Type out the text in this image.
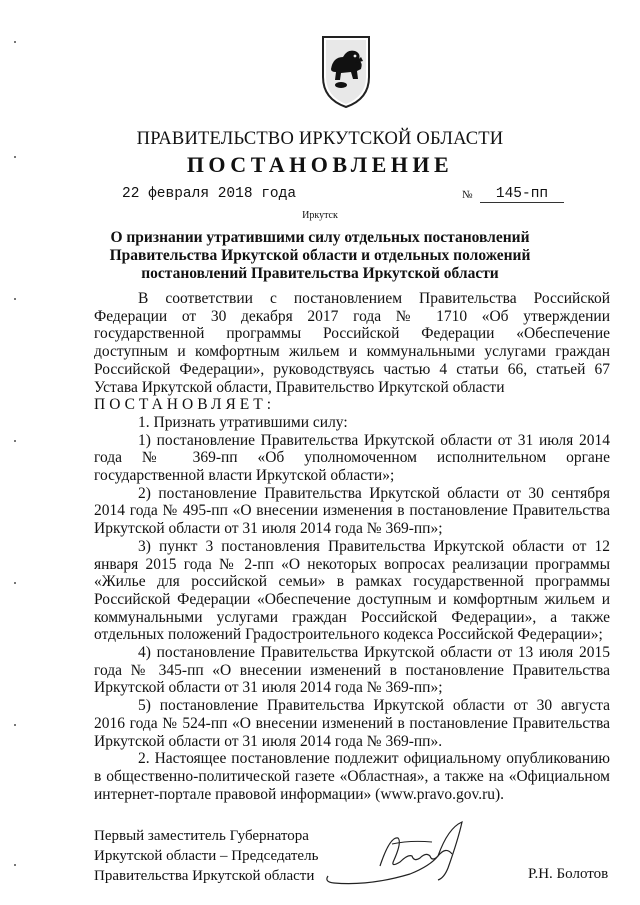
ПРАВИТЕЛЬСТВО ИРКУТСКОЙ ОБЛАСТИ
ПОСТАНОВЛЕНИЕ
22 февраля 2018 года	№	145-пп
Иркутск
О признании утратившими силу отдельных постановлений Правительства Иркутской области и отдельных положений постановлений Правительства Иркутской области

В соответствии с постановлением Правительства Российской Федерации от 30 декабря 2017 года № 1710 «Об утверждении государственной программы Российской Федерации «Обеспечение доступным и комфортным жильем и коммунальными услугами граждан Российской Федерации», руководствуясь частью 4 статьи 66, статьей 67 Устава Иркутской области, Правительство Иркутской области

ПОСТАНОВЛЯЕТ:

1. Признать утратившими силу:

1) постановление Правительства Иркутской области от 31 июля 2014 года № 369-пп «Об уполномоченном исполнительном органе государственной власти Иркутской области»;

2) постановление Правительства Иркутской области от 30 сентября 2014 года № 495-пп «О внесении изменения в постановление Правительства Иркутской области от 31 июля 2014 года № 369-пп»;

3) пункт 3 постановления Правительства Иркутской области от 12 января 2015 года № 2-пп «О некоторых вопросах реализации программы «Жилье для российской семьи» в рамках государственной программы Российской Федерации «Обеспечение доступным и комфортным жильем и коммунальными услугами граждан Российской Федерации», а также отдельных положений Градостроительного кодекса Российской Федерации»;

4) постановление Правительства Иркутской области от 13 июля 2015 года № 345-пп «О внесении изменений в постановление Правительства Иркутской области от 31 июля 2014 года № 369-пп»;

5) постановление Правительства Иркутской области от 30 августа 2016 года № 524-пп «О внесении изменений в постановление Правительства Иркутской области от 31 июля 2014 года № 369-пп».

2. Настоящее постановление подлежит официальному опубликованию в общественно-политической газете «Областная», а также на «Официальном интернет-портале правовой информации» (www.pravo.gov.ru).

Первый заместитель Губернатора
Иркутской области – Председатель
Правительства Иркутской области	Р.Н. Болотов
